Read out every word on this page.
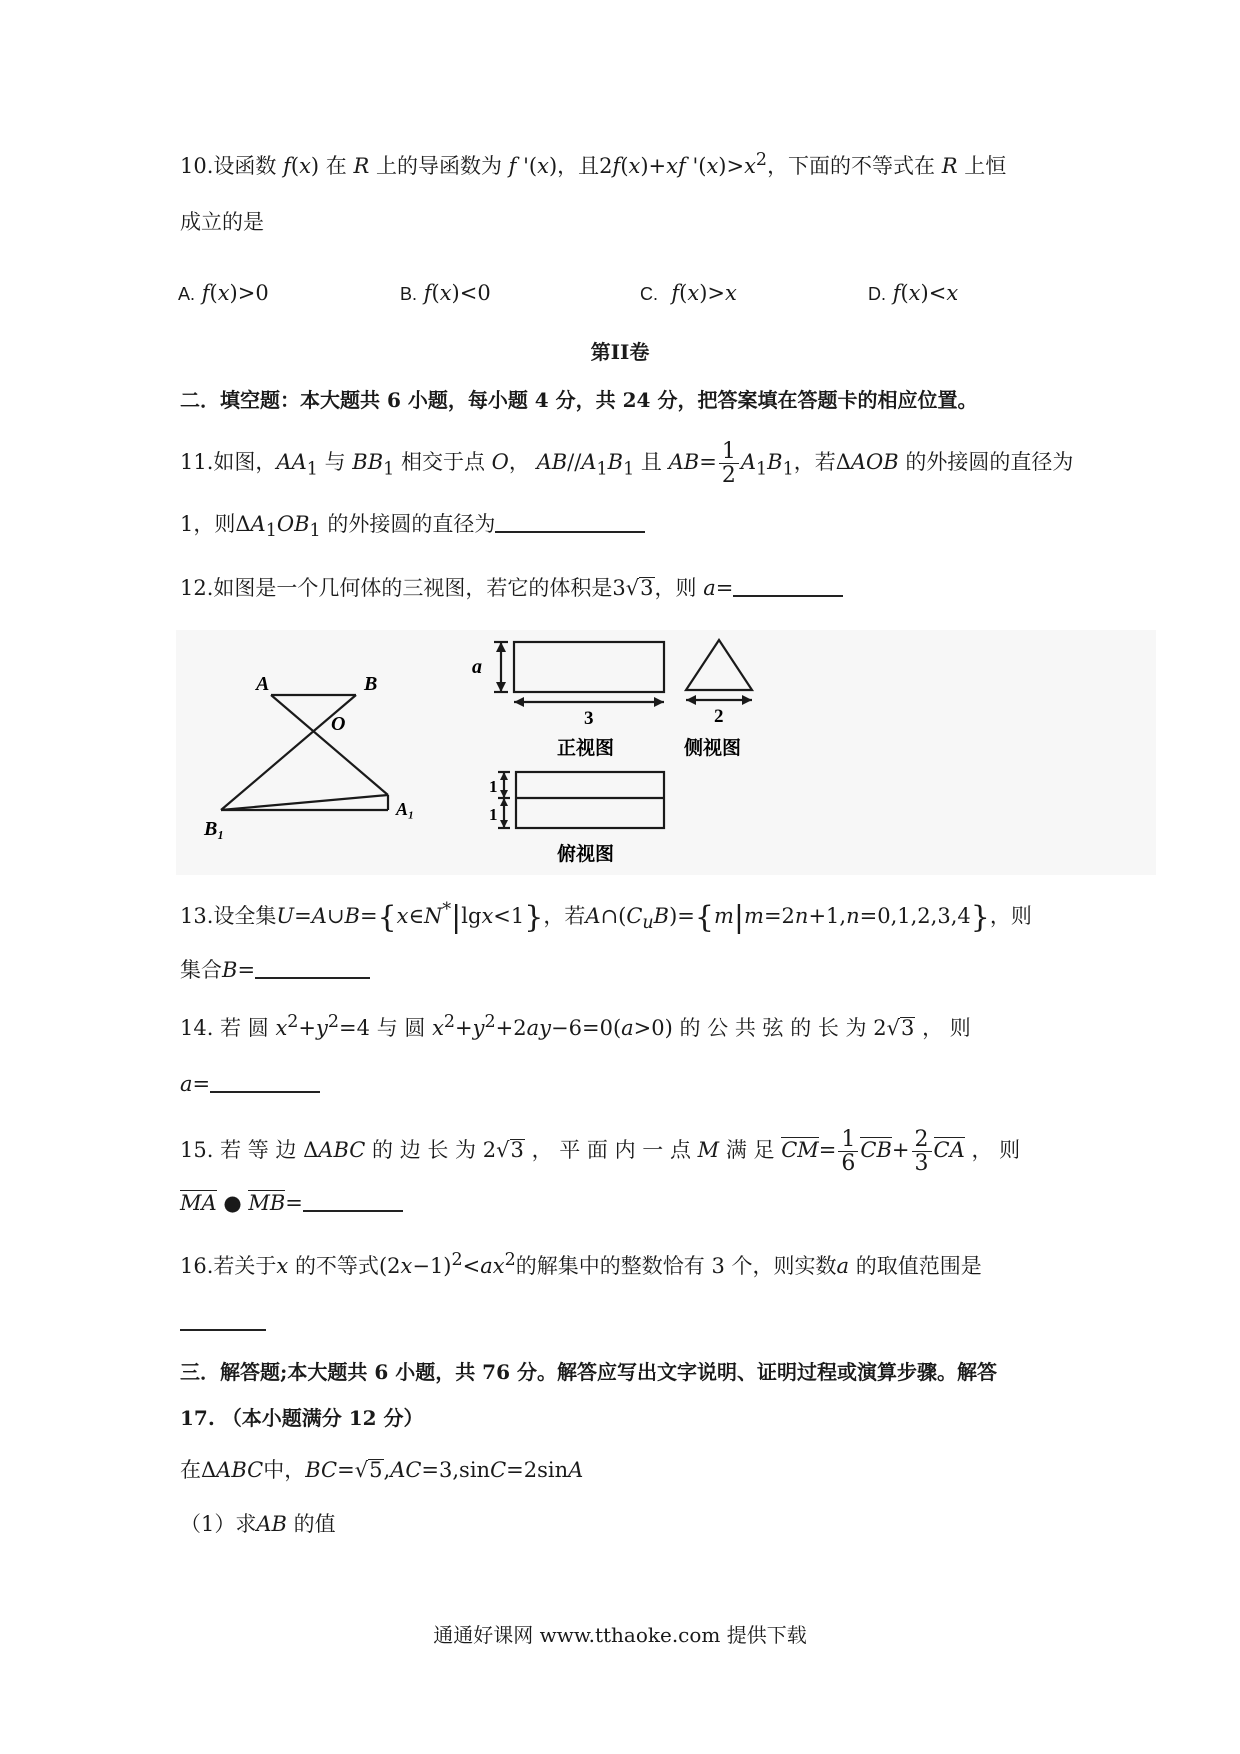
10.设函数 f(x) 在 R 上的导函数为 f '(x)，且2f(x)+xf '$(x)>x^2$，下面的不等式在 R 上恒
成立的是
A. f(x)>0	B. f(x)<0	C. f(x)>x	D. f(x)<x
第II卷
二．填空题：本大题共 6 小题，每小题 4 分，共 24 分，把答案填在答题卡的相应位置。
11.如图，$AA_1$ 与 $BB_1$ 相交于点 O， $AB//A_1B_1$ 且 $AB= \frac{1}{2} A_1B_1$，若ΔAOB 的外接圆的直径为
1，则$\Delta A_1OB_1$ 的外接圆的直径为
12.如图是一个几何体的三视图，若它的体积是3√3，则 a=
A	B
O
B₁
A₁
a
3
正视图
2
侧视图
1
1
俯视图
13.设全集U=A∪B={x∈N*|lgx<1}，若$A\cap(C_uB)=\{m|m=2n+1,n=0,1,2,3,4\}$，则
集合B=
14. 若 圆 $x^2+y^2=4$ 与 圆 $x^2+y^2+2ay-6=0(a>0)$ 的 公 共 弦 的 长 为 2√3 ， 则
a=
15. 若 等 边 ΔABC 的 边 长 为 2√3 ， 平 面 内 一 点 M 满 足 $CM= \frac{1}{6} CB+ \frac{2}{3}$ CA ， 则
MA ● MB=
16.若关于x 的不等式$(2x-1)^2<ax^2$的解集中的整数恰有 3 个，则实数a 的取值范围是
三．解答题;本大题共 6 小题，共 76 分。解答应写出文字说明、证明过程或演算步骤。解答
17. （本小题满分 12 分）
在ΔABC中，BC=√5,AC=3,sinC=2sinA
（1）求AB 的值
通通好课网 www.tthaoke.com 提供下载
